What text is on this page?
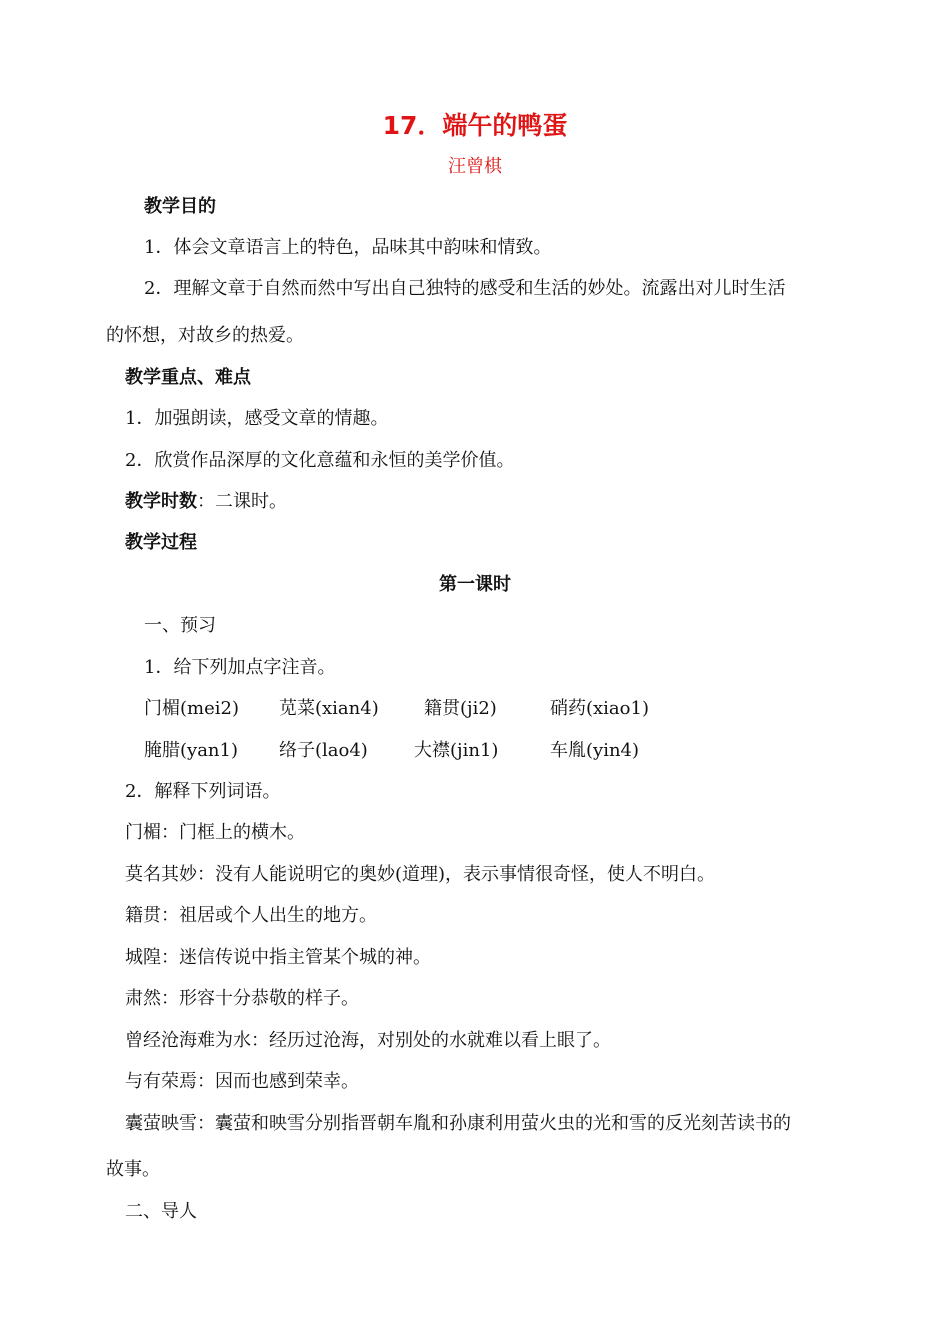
17．端午的鸭蛋
汪曾棋
教学目的
1．体会文章语言上的特色，品味其中韵味和情致。
2．理解文章于自然而然中写出自己独特的感受和生活的妙处。流露出对儿时生活
的怀想，对故乡的热爱。
教学重点、难点
1．加强朗读，感受文章的情趣。
2．欣赏作品深厚的文化意蕴和永恒的美学价值。
教学时数：二课时。
教学过程
第一课时
一、预习
1．给下列加点字注音。
门楣(mei2) 苋菜(xian4)	籍贯(ji2)	硝药(xiao1)
腌腊(yan1) 络子(lao4)	大襟(jin1)	车胤(yin4)
2．解释下列词语。
门楣：门框上的横木。
莫名其妙：没有人能说明它的奥妙(道理)，表示事情很奇怪，使人不明白。
籍贯：祖居或个人出生的地方。
城隍：迷信传说中指主管某个城的神。
肃然：形容十分恭敬的样子。
曾经沧海难为水：经历过沧海，对别处的水就难以看上眼了。
与有荣焉：因而也感到荣幸。
囊萤映雪：囊萤和映雪分别指晋朝车胤和孙康利用萤火虫的光和雪的反光刻苦读书的
故事。
二、导人
